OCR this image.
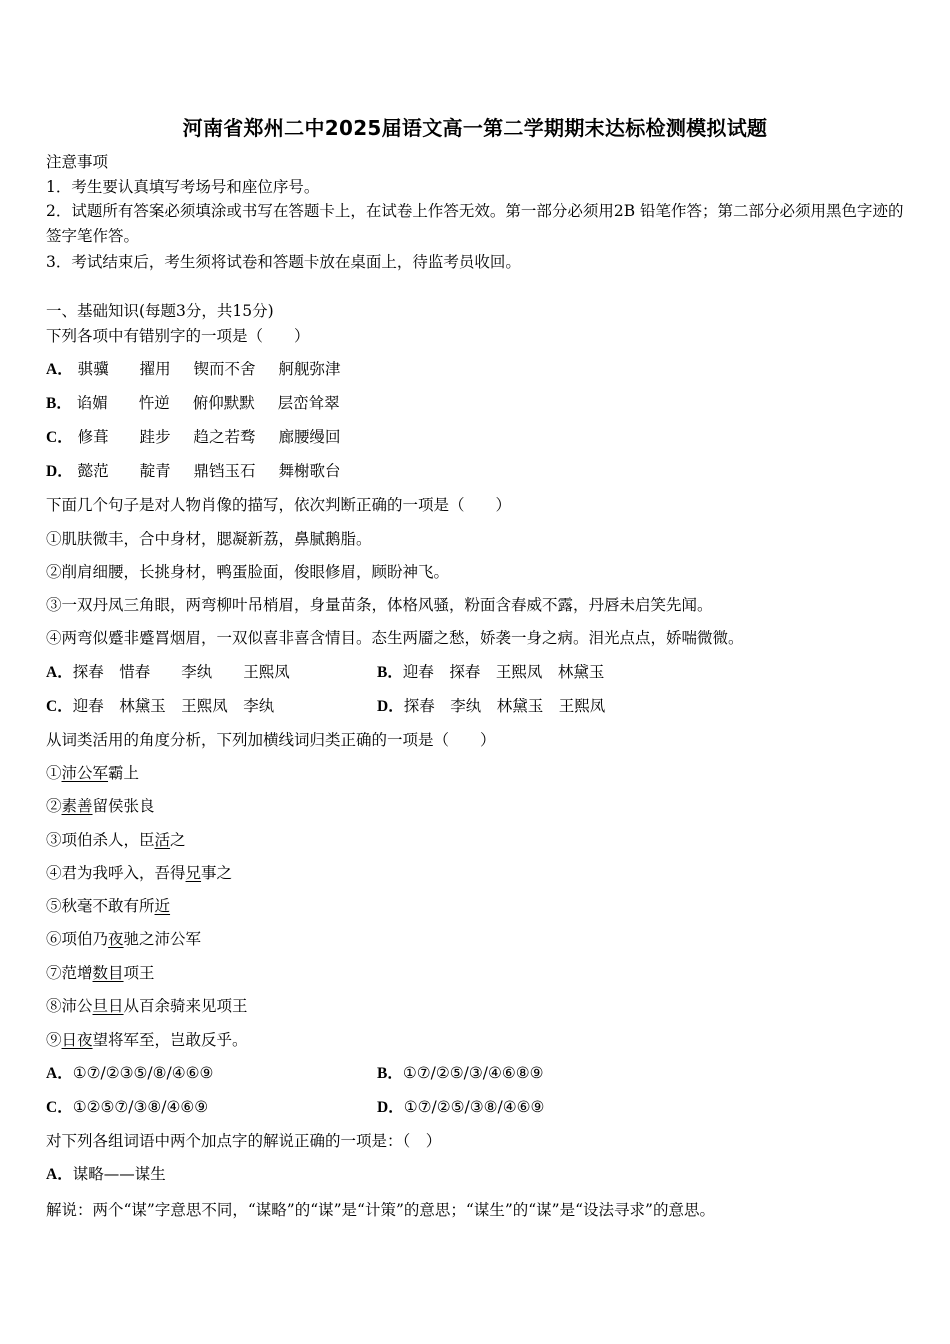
河南省郑州二中2025届语文高一第二学期期末达标检测模拟试题
注意事项
1．考生要认真填写考场号和座位序号。
2．试题所有答案必须填涂或书写在答题卡上，在试卷上作答无效。第一部分必须用2B 铅笔作答；第二部分必须用黑色字迹的签字笔作答。
3．考试结束后，考生须将试卷和答题卡放在桌面上，待监考员收回。
一、基础知识(每题3分，共15分)
下列各项中有错别字的一项是（　　）
A． 骐骥 擢用 锲而不舍 舸舰弥津
B． 谄媚 忤逆 俯仰默默 层峦耸翠
C． 修葺 跬步 趋之若骛 廊腰缦回
D． 懿范 靛青 鼎铛玉石 舞榭歌台
下面几个句子是对人物肖像的描写，依次判断正确的一项是（　　）
①肌肤微丰，合中身材，腮凝新荔，鼻腻鹅脂。
②削肩细腰，长挑身材，鸭蛋脸面，俊眼修眉，顾盼神飞。
③一双丹凤三角眼，两弯柳叶吊梢眉，身量苗条，体格风骚，粉面含春威不露，丹唇未启笑先闻。
④两弯似蹙非蹙罥烟眉，一双似喜非喜含情目。态生两靥之愁，娇袭一身之病。泪光点点，娇喘微微。
A．探春　惜春　　李纨　　王熙凤	B．迎春　探春　王熙凤　林黛玉
C．迎春　林黛玉　王熙凤　李纨	D．探春　李纨　林黛玉　王熙凤
从词类活用的角度分析，下列加横线词归类正确的一项是（　　）
①沛公军霸上
②素善留侯张良
③项伯杀人，臣活之
④君为我呼入，吾得兄事之
⑤秋毫不敢有所近
⑥项伯乃夜驰之沛公军
⑦范增数目项王
⑧沛公旦日从百余骑来见项王
⑨日夜望将军至，岂敢反乎。
A．①⑦/②③⑤/⑧/④⑥⑨	B．①⑦/②⑤/③/④⑥⑧⑨
C．①②⑤⑦/③⑧/④⑥⑨	D．①⑦/②⑤/③⑧/④⑥⑨
对下列各组词语中两个加点字的解说正确的一项是：（　）
A．谋略——谋生
解说：两个“谋”字意思不同，“谋略”的“谋”是“计策”的意思；“谋生”的“谋”是“设法寻求”的意思。
